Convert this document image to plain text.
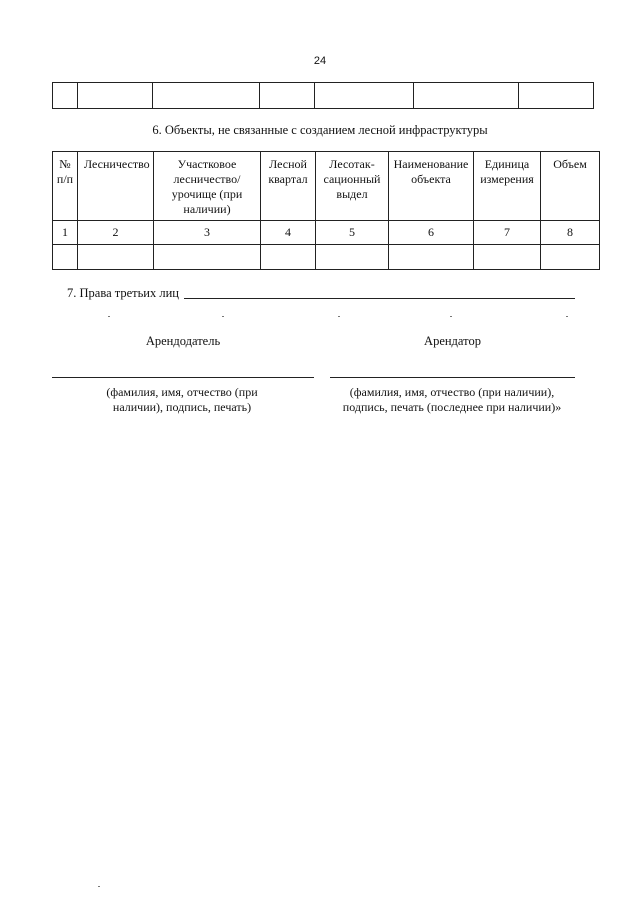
24

6. Объекты, не связанные с созданием лесной инфраструктуры
№ п/п	Лесничество	Участковое лесничество/ урочище (при наличии)	Лесной квартал	Лесотак-сационный выдел	Наименование объекта	Единица измерения	Объем
1	2	3	4	5	6	7	8

7. Права третьих лиц
Арендодатель	Арендатор
(фамилия, имя, отчество (при наличии), подпись, печать)
(фамилия, имя, отчество (при наличии), подпись, печать (последнее при наличии)»
